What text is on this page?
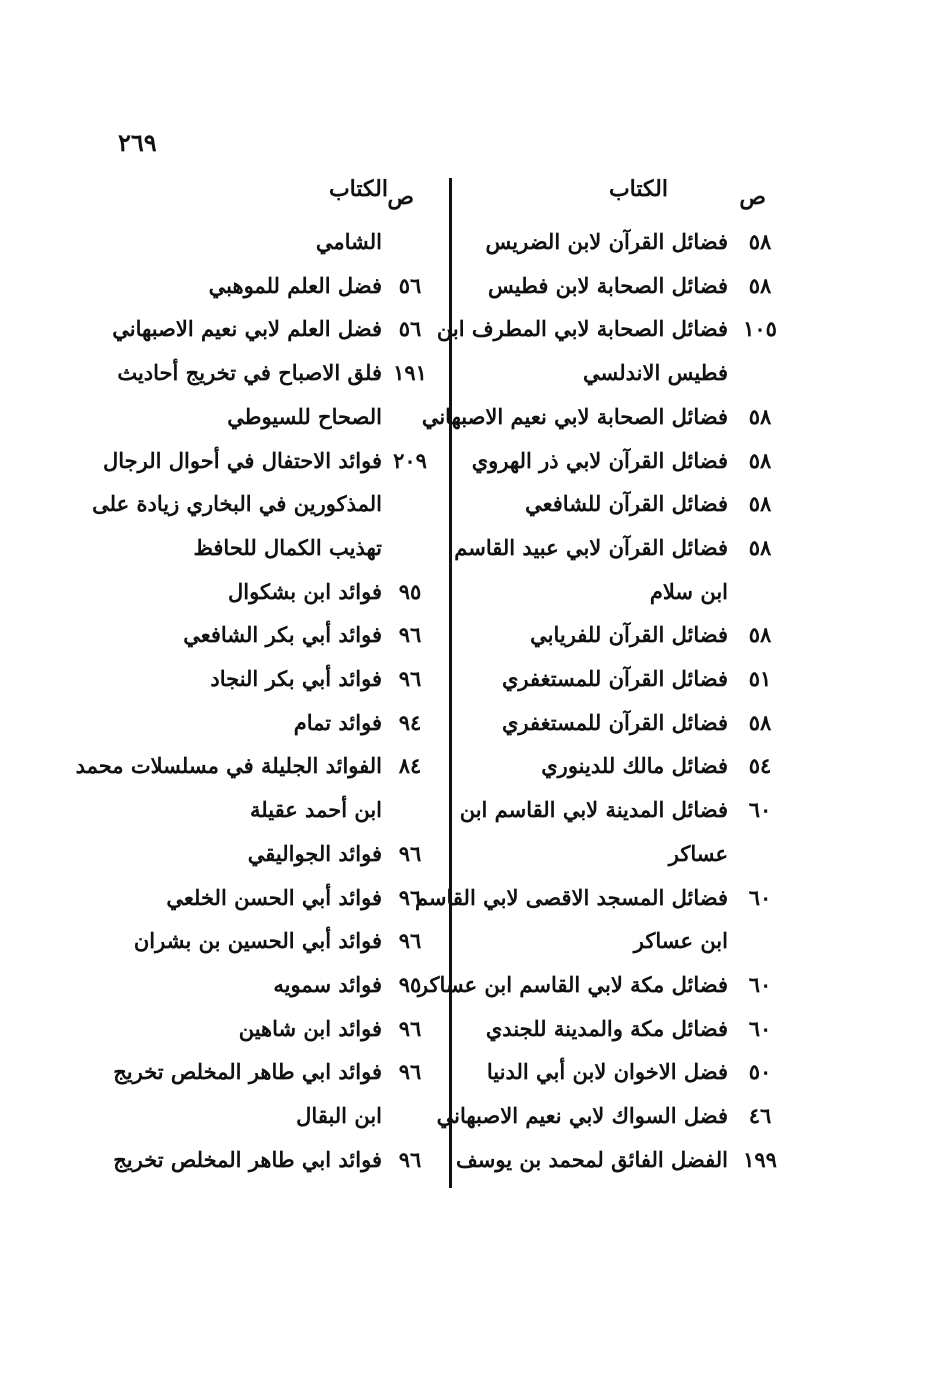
٢٦٩
ص
الكتاب
٥٨
فضائل القرآن لابن الضريس
٥٨
فضائل الصحابة لابن فطيس
١٠٥
فضائل الصحابة لابي المطرف ابن
فطيس الاندلسي
٥٨
فضائل الصحابة لابي نعيم الاصبهاني
٥٨
فضائل القرآن لابي ذر الهروي
٥٨
فضائل القرآن للشافعي
٥٨
فضائل القرآن لابي عبيد القاسم
ابن سلام
٥٨
فضائل القرآن للفريابي
٥١
فضائل القرآن للمستغفري
٥٨
فضائل القرآن للمستغفري
٥٤
فضائل مالك للدينوري
٦٠
فضائل المدينة لابي القاسم ابن
عساكر
٦٠
فضائل المسجد الاقصى لابي القاسم
ابن عساكر
٦٠
فضائل مكة لابي القاسم ابن عساكر
٦٠
فضائل مكة والمدينة للجندي
٥٠
فضل الاخوان لابن أبي الدنيا
٤٦
فضل السواك لابي نعيم الاصبهاني
١٩٩
الفضل الفائق لمحمد بن يوسف
ص
الكتاب
الشامي
٥٦
فضل العلم للموهبي
٥٦
فضل العلم لابي نعيم الاصبهاني
١٩١
فلق الاصباح في تخريج أحاديث
الصحاح للسيوطي
٢٠٩
فوائد الاحتفال في أحوال الرجال
المذكورين في البخاري زيادة على
تهذيب الكمال للحافظ
٩٥
فوائد ابن بشكوال
٩٦
فوائد أبي بكر الشافعي
٩٦
فوائد أبي بكر النجاد
٩٤
فوائد تمام
٨٤
الفوائد الجليلة في مسلسلات محمد
ابن أحمد عقيلة
٩٦
فوائد الجواليقي
٩٦
فوائد أبي الحسن الخلعي
٩٦
فوائد أبي الحسين بن بشران
٩٥
فوائد سمويه
٩٦
فوائد ابن شاهين
٩٦
فوائد ابي طاهر المخلص تخريج
ابن البقال
٩٦
فوائد ابي طاهر المخلص تخريج
